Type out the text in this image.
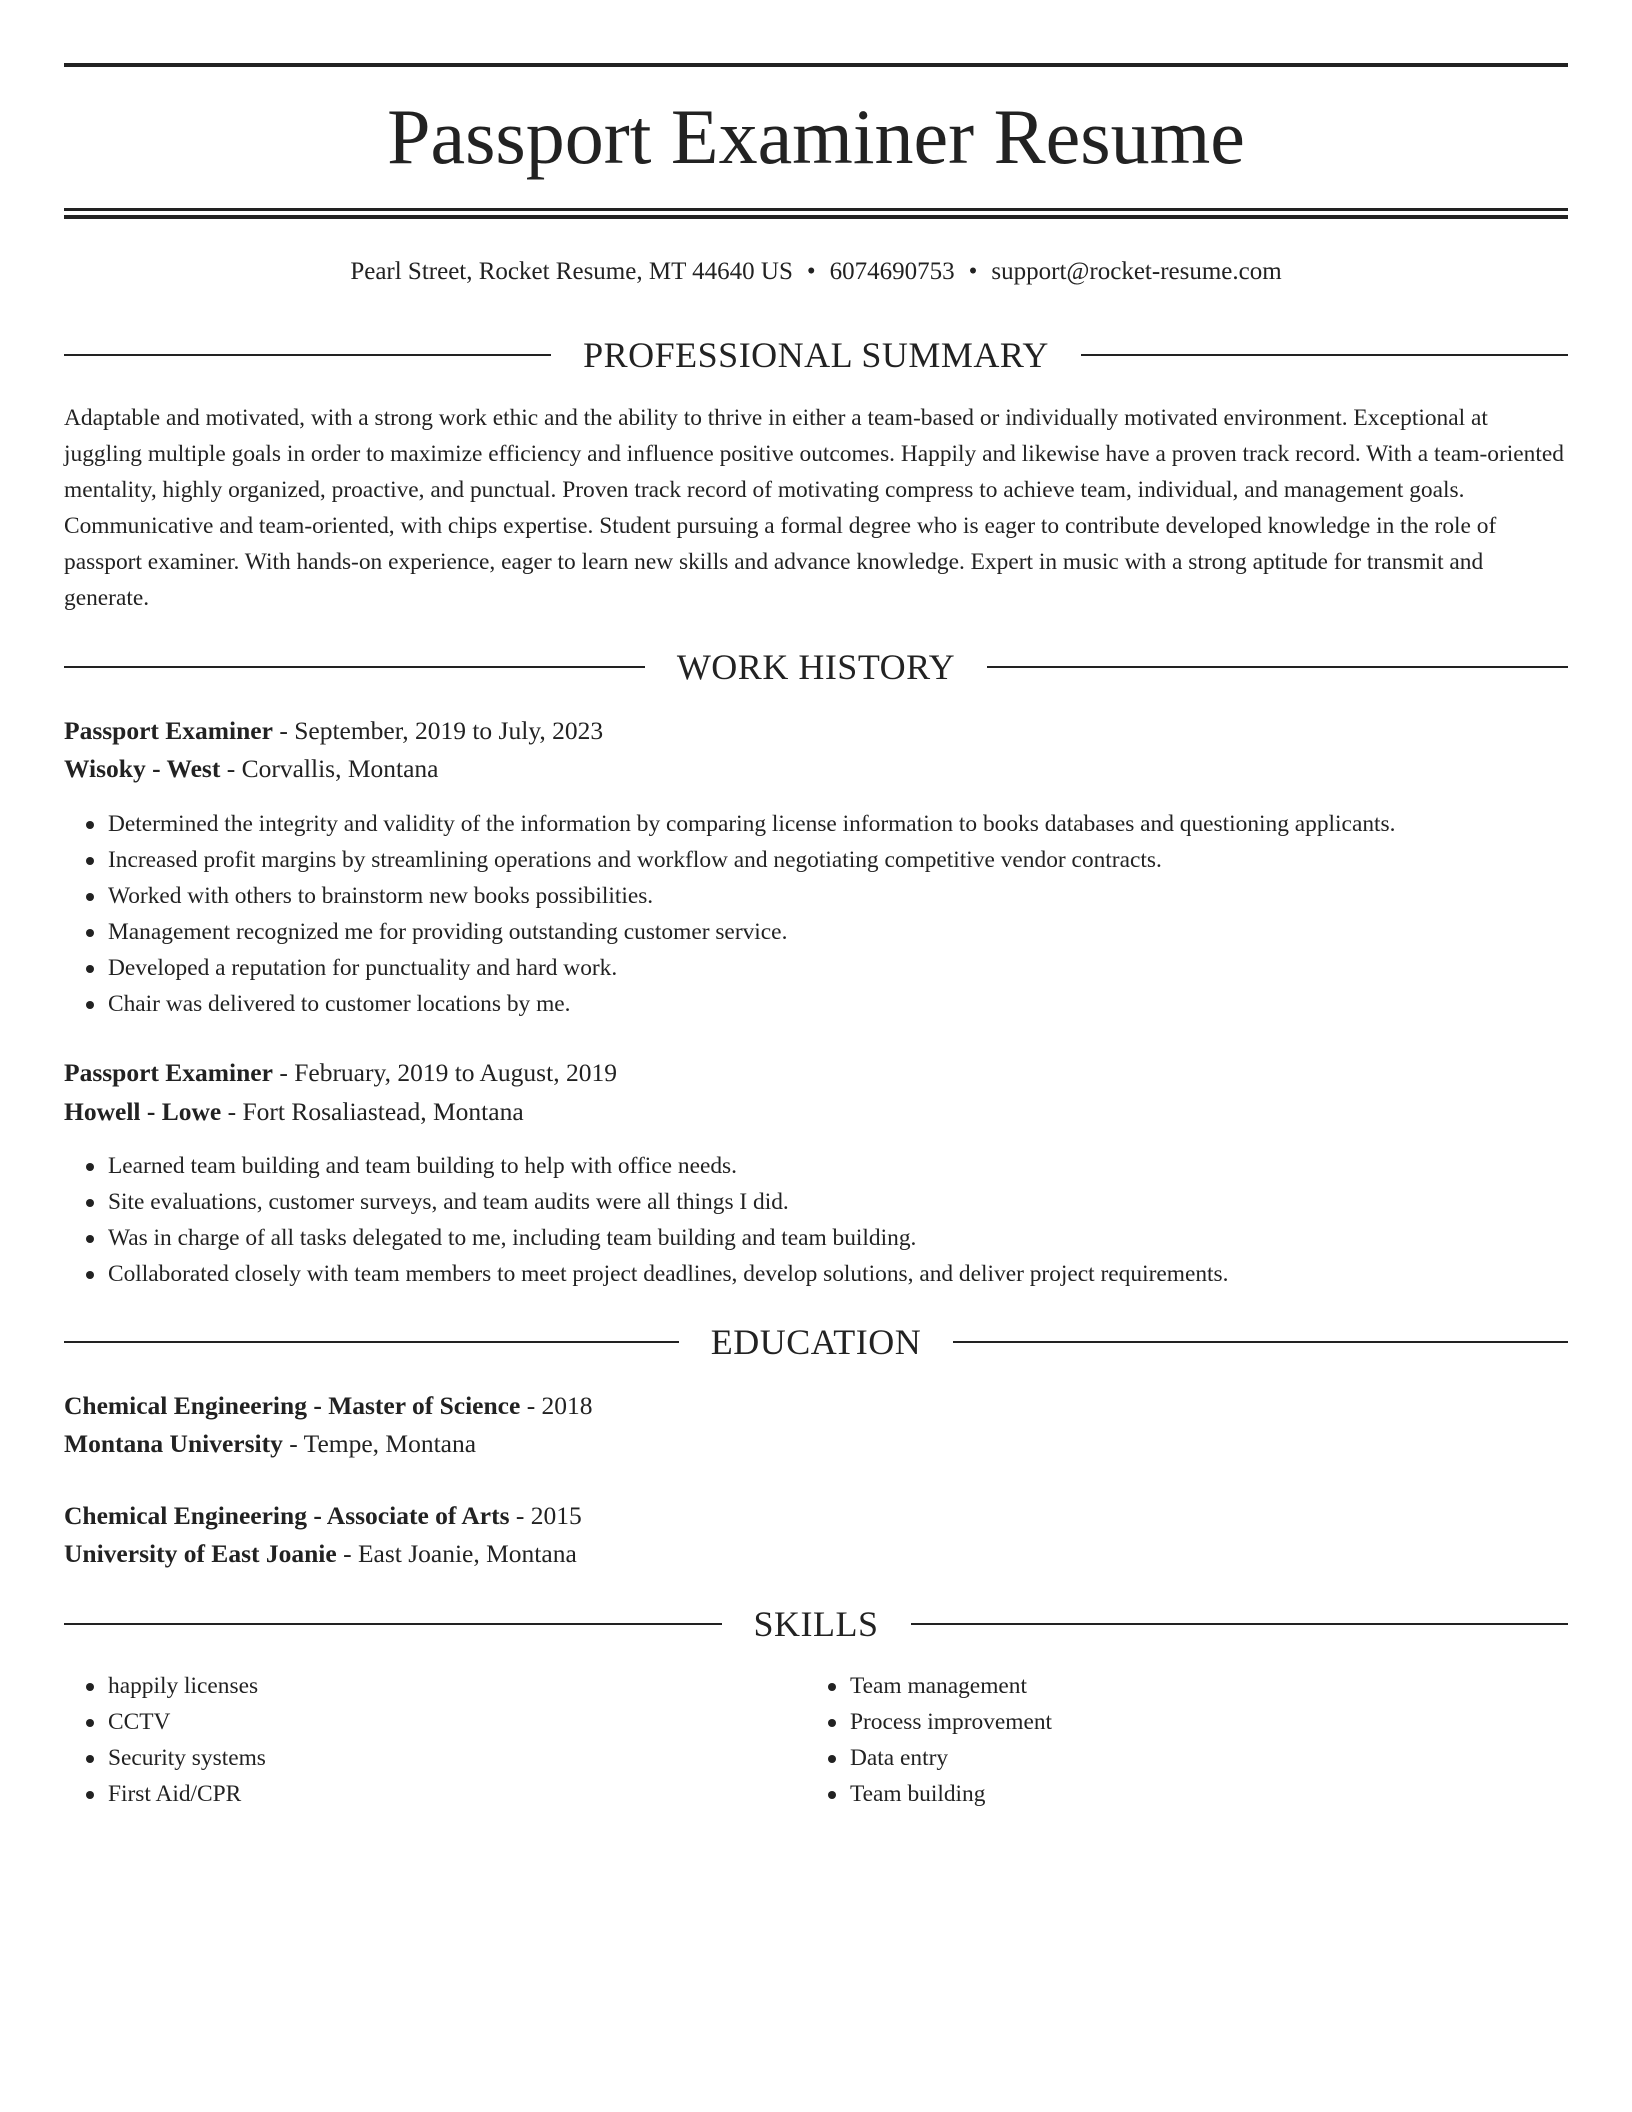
Passport Examiner Resume
Pearl Street, Rocket Resume, MT 44640 US • 6074690753 • support@rocket-resume.com
PROFESSIONAL SUMMARY

Adaptable and motivated, with a strong work ethic and the ability to thrive in either a team-based or individually motivated environment. Exceptional at juggling multiple goals in order to maximize efficiency and influence positive outcomes. Happily and likewise have a proven track record. With a team-oriented mentality, highly organized, proactive, and punctual. Proven track record of motivating compress to achieve team, individual, and management goals. Communicative and team-oriented, with chips expertise. Student pursuing a formal degree who is eager to contribute developed knowledge in the role of passport examiner. With hands-on experience, eager to learn new skills and advance knowledge. Expert in music with a strong aptitude for transmit and generate.

WORK HISTORY
Passport Examiner - September, 2019 to July, 2023
Wisoky - West - Corvallis, Montana
Determined the integrity and validity of the information by comparing license information to books databases and questioning applicants.
Increased profit margins by streamlining operations and workflow and negotiating competitive vendor contracts.
Worked with others to brainstorm new books possibilities.
Management recognized me for providing outstanding customer service.
Developed a reputation for punctuality and hard work.
Chair was delivered to customer locations by me.
Passport Examiner - February, 2019 to August, 2019
Howell - Lowe - Fort Rosaliastead, Montana
Learned team building and team building to help with office needs.
Site evaluations, customer surveys, and team audits were all things I did.
Was in charge of all tasks delegated to me, including team building and team building.
Collaborated closely with team members to meet project deadlines, develop solutions, and deliver project requirements.
EDUCATION
Chemical Engineering - Master of Science - 2018
Montana University - Tempe, Montana
Chemical Engineering - Associate of Arts - 2015
University of East Joanie - East Joanie, Montana
SKILLS
happily licenses
CCTV
Security systems
First Aid/CPR
Team management
Process improvement
Data entry
Team building
